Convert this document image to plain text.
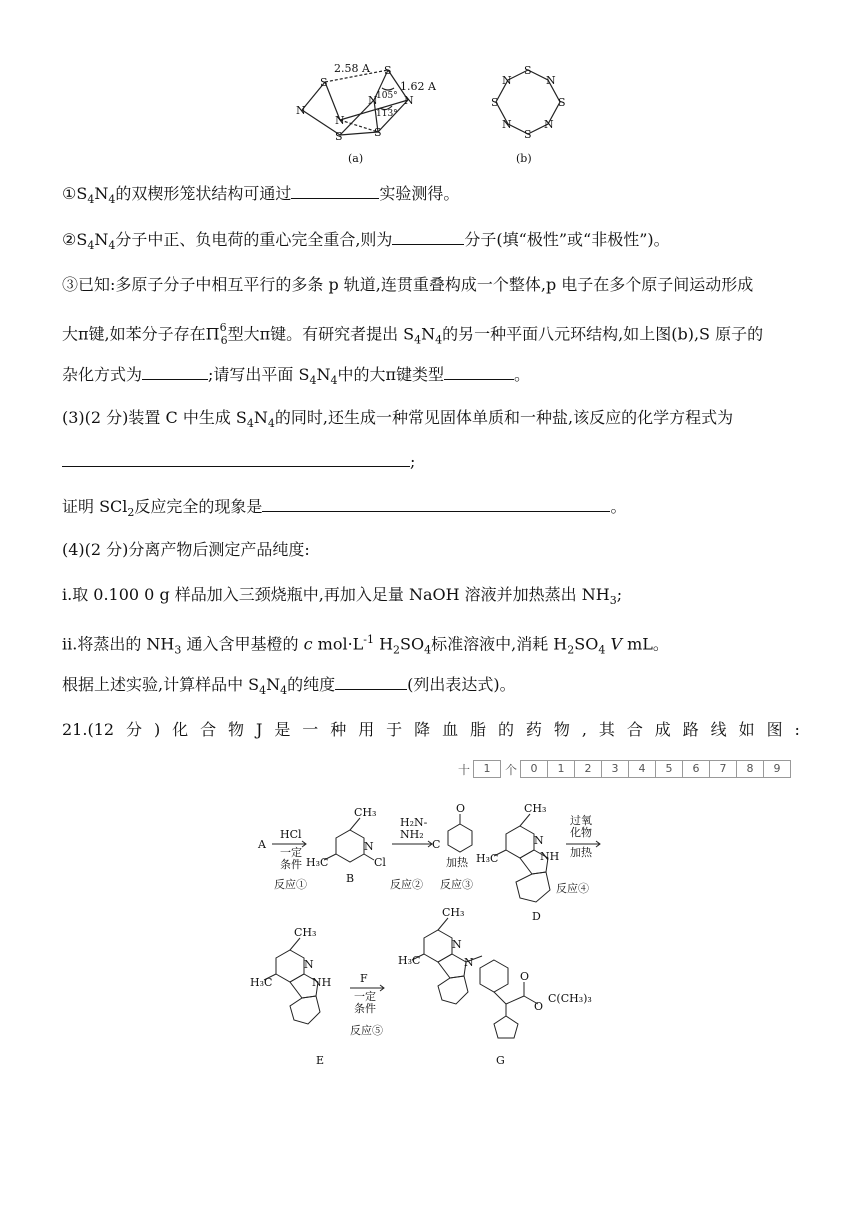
S
S
N
N
N N
S	S
2.58 A
1.62 A
105°
113°
S
N
S
N
S
N
S
N
(a)	(b)
$①S_4N_4$的双楔形笼状结构可通过	实验测得。
$②S_4N_4$分子中正、负电荷的重心完全重合,则为	分子(填“极性”或“非极性”)。
③已知:多原子分子中相互平行的多条 p 轨道,连贯重叠构成一个整体,p 电子在多个原子间运动形成
大π键,如苯分子存在$\Pi^6_6$型大π键。有研究者提出 $S_4N_4$的另一种平面八元环结构,如上图(b),S 原子的
杂化方式为	;请写出平面 $S_4N_4$中的大π键类型	。
(3)(2 分)装置 C 中生成 $S_4N_4$的同时,还生成一种常见固体单质和一种盐,该反应的化学方程式为
;
证明 SCl$_2$反应完全的现象是	。
(4)(2 分)分离产物后测定产品纯度:
i.取 0.100 0 g 样品加入三颈烧瓶中,再加入足量 NaOH 溶液并加热蒸出 $NH_3$;
ii.将蒸出的 $NH_3$ 通入含甲基橙的 c $mol\cdot L^{-1}$ $H_2SO_4$标准溶液中,消耗 $H_2SO_4$ V mL。
根据上述实验,计算样品中 $S_4N_4$的纯度	(列出表达式)。
21.(12 分 ) 化 合 物 J 是 一 种 用 于 降 血 脂 的 药 物 , 其 合 成 路 线 如 图 :
十	1	个	0	1	2	3	4	5	6	7	8	9
A
HCl
一定
条件
CH₃
N
H₃C	Cl
B
反应①
H₂N-
NH₂
C
O
加热
反应② 反应③
CH₃
N
NH
H₃C
D
过氧
化物
加热
反应④
CH₃
N
NH
H₃C
E
F
一定
条件
反应⑤
CH₃
N
N
H₃C
O
O
C(CH₃)₃
G
